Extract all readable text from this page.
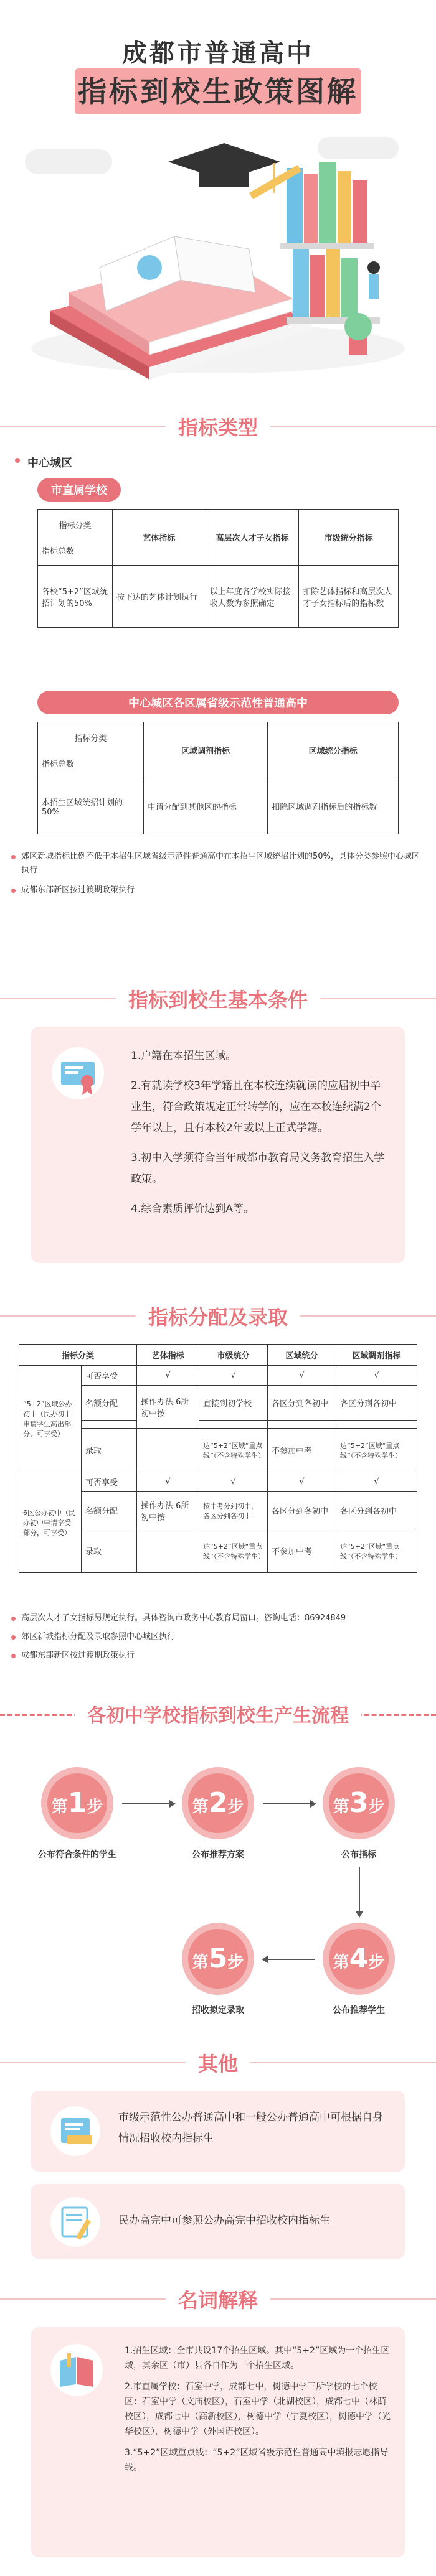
成都市普通高中
指标到校生政策图解
指标类型
中心城区
市直属学校
指标分类
指标总数	艺体指标	高层次人才子女指标	市级统分指标
各校“5+2”区域统招计划的50%	按下达的艺体计划执行	以上年度各学校实际接收人数为参照确定	扣除艺体指标和高层次人才子女指标后的指标数
中心城区各区属省级示范性普通高中
指标分类
指标总数	区域调剂指标	区域统分指标
本招生区域统招计划的50%	申请分配到其他区的指标	扣除区域调剂指标后的指标数
郊区新城指标比例不低于本招生区域省级示范性普通高中在本招生区域统招计划的50%，具体分类参照中心城区执行
成都东部新区按过渡期政策执行
指标到校生基本条件
1.户籍在本招生区域。
2.有就读学校3年学籍且在本校连续就读的应届初中毕业生，符合政策规定正常转学的，应在本校连续满2个学年以上，且有本校2年或以上正式学籍。
3.初中入学须符合当年成都市教育局义务教育招生入学政策。
4.综合素质评价达到A等。
指标分配及录取
指标分类		艺体指标	市级统分	区域统分	区域调剂指标
“5+2”区域公办初中（民办初中申请学生高出部分，可享受）	可否享受	√	√	√	√
	名额分配	操作办法 6所初中按	直接到初学校	各区分到各初中	各区分到各初中

	录取		达“5+2”区域“重点线”（不含特殊学生）	不参加中考	达“5+2”区域“重点线”（不含特殊学生）
6区公办初中（民办初中申请享受部分，可享受）	可否享受	√	√	√	√
	名额分配	操作办法 6所初中按	按中考分到初中，各区分到各初中	各区分到各初中	各区分到各初中
	录取		达“5+2”区域“重点线”（不含特殊学生）	不参加中考	达“5+2”区域“重点线”（不含特殊学生）
高层次人才子女指标另规定执行。具体咨询市政务中心教育局窗口。咨询电话：86924849
郊区新城指标分配及录取参照中心城区执行
成都东部新区按过渡期政策执行
各初中学校指标到校生产生流程
第1步
公布符合条件的学生
第2步
公布推荐方案
第3步
公布指标
第4步
公布推荐学生
第5步
招收拟定录取
其他
市级示范性公办普通高中和一般公办普通高中可根据自身情况招收校内指标生
民办高完中可参照公办高完中招收校内指标生
名词解释
1.招生区域：全市共设17个招生区域。其中“5+2”区域为一个招生区域，其余区（市）县各自作为一个招生区域。
2.市直属学校：石室中学，成都七中，树德中学三所学校的七个校区：石室中学（文庙校区），石室中学（北湖校区），成都七中（林荫校区），成都七中（高新校区），树德中学（宁夏校区），树德中学（光华校区），树德中学（外国语校区）。
3.“5+2”区域重点线：“5+2”区域省级示范性普通高中填报志愿指导线。
